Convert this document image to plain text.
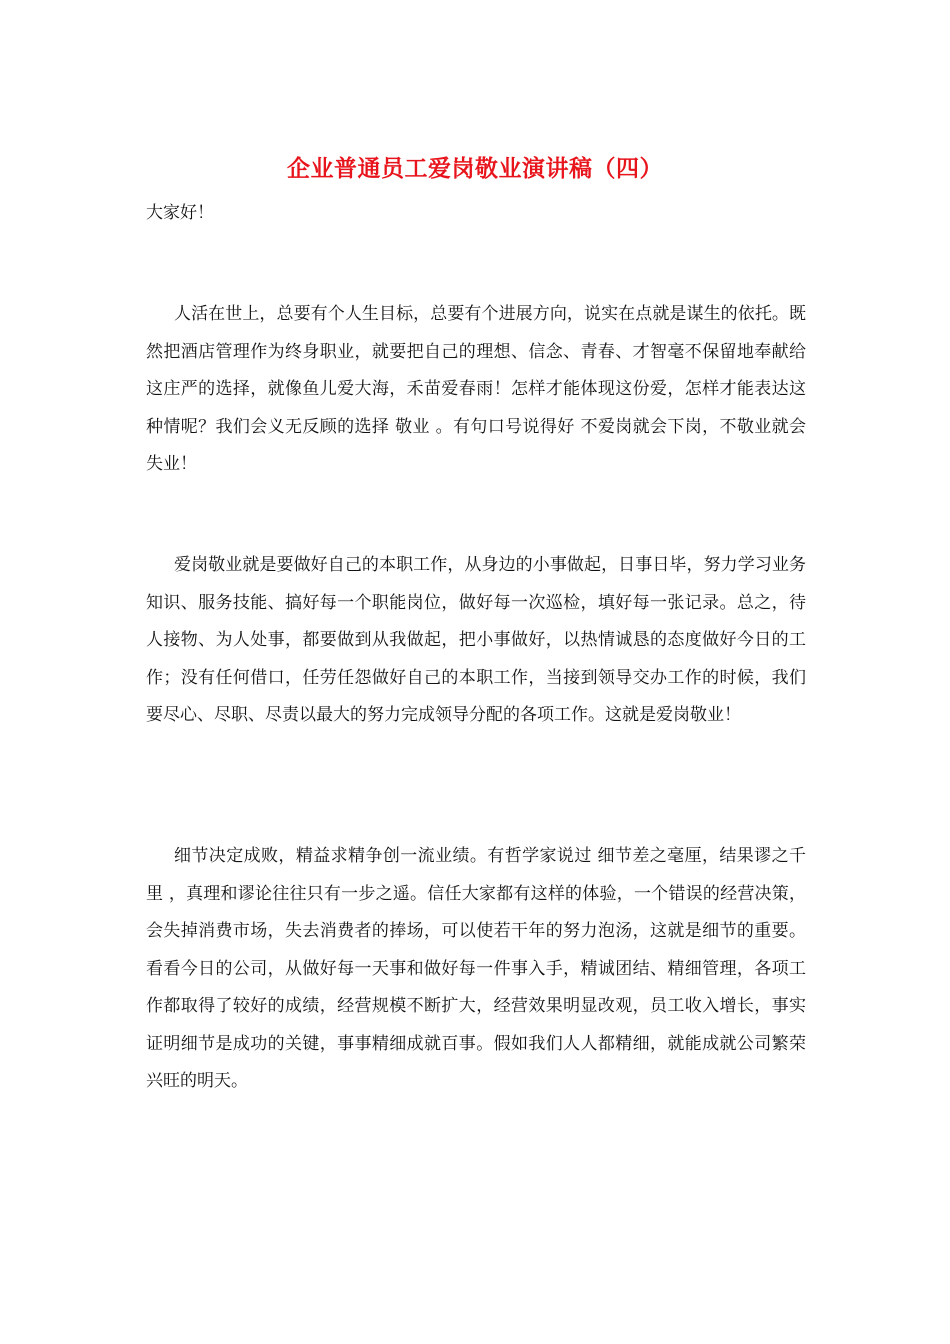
企业普通员工爱岗敬业演讲稿（四）
大家好！

人活在世上，总要有个人生目标，总要有个进展方向，说实在点就是谋生的依托。既然把酒店管理作为终身职业，就要把自己的理想、信念、青春、才智毫不保留地奉献给这庄严的选择，就像鱼儿爱大海，禾苗爱春雨！怎样才能体现这份爱，怎样才能表达这种情呢？我们会义无反顾的选择 敬业 。有句口号说得好 不爱岗就会下岗，不敬业就会失业！

爱岗敬业就是要做好自己的本职工作，从身边的小事做起，日事日毕，努力学习业务知识、服务技能、搞好每一个职能岗位，做好每一次巡检，填好每一张记录。总之，待人接物、为人处事，都要做到从我做起，把小事做好，以热情诚恳的态度做好今日的工作；没有任何借口，任劳任怨做好自己的本职工作，当接到领导交办工作的时候，我们要尽心、尽职、尽责以最大的努力完成领导分配的各项工作。这就是爱岗敬业！

细节决定成败，精益求精争创一流业绩。有哲学家说过 细节差之毫厘，结果谬之千里 ，真理和谬论往往只有一步之遥。信任大家都有这样的体验，一个错误的经营决策，会失掉消费市场，失去消费者的捧场，可以使若干年的努力泡汤，这就是细节的重要。看看今日的公司，从做好每一天事和做好每一件事入手，精诚团结、精细管理，各项工作都取得了较好的成绩，经营规模不断扩大，经营效果明显改观，员工收入增长，事实证明细节是成功的关键，事事精细成就百事。假如我们人人都精细，就能成就公司繁荣兴旺的明天。
